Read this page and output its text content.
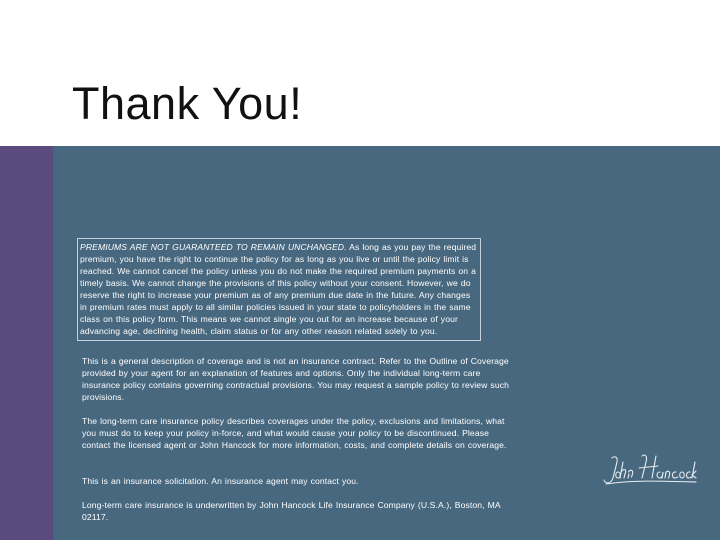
Thank You!
PREMIUMS ARE NOT GUARANTEED TO REMAIN UNCHANGED. As long as you pay the required premium, you have the right to continue the policy for as long as you live or until the policy limit is reached. We cannot cancel the policy unless you do not make the required premium payments on a timely basis. We cannot change the provisions of this policy without your consent. However, we do reserve the right to increase your premium as of any premium due date in the future. Any changes in premium rates must apply to all similar policies issued in your state to policyholders in the same class on this policy form. This means we cannot single you out for an increase because of your advancing age, declining health, claim status or for any other reason related solely to you.
This is a general description of coverage and is not an insurance contract. Refer to the Outline of Coverage provided by your agent for an explanation of features and options. Only the individual long-term care insurance policy contains governing contractual provisions. You may request a sample policy to review such provisions.
The long-term care insurance policy describes coverages under the policy, exclusions and limitations, what you must do to keep your policy in-force, and what would cause your policy to be discontinued. Please contact the licensed agent or John Hancock for more information, costs, and complete details on coverage.
This is an insurance solicitation. An insurance agent may contact you.
Long-term care insurance is underwritten by John Hancock Life Insurance Company (U.S.A.), Boston, MA 02117.
